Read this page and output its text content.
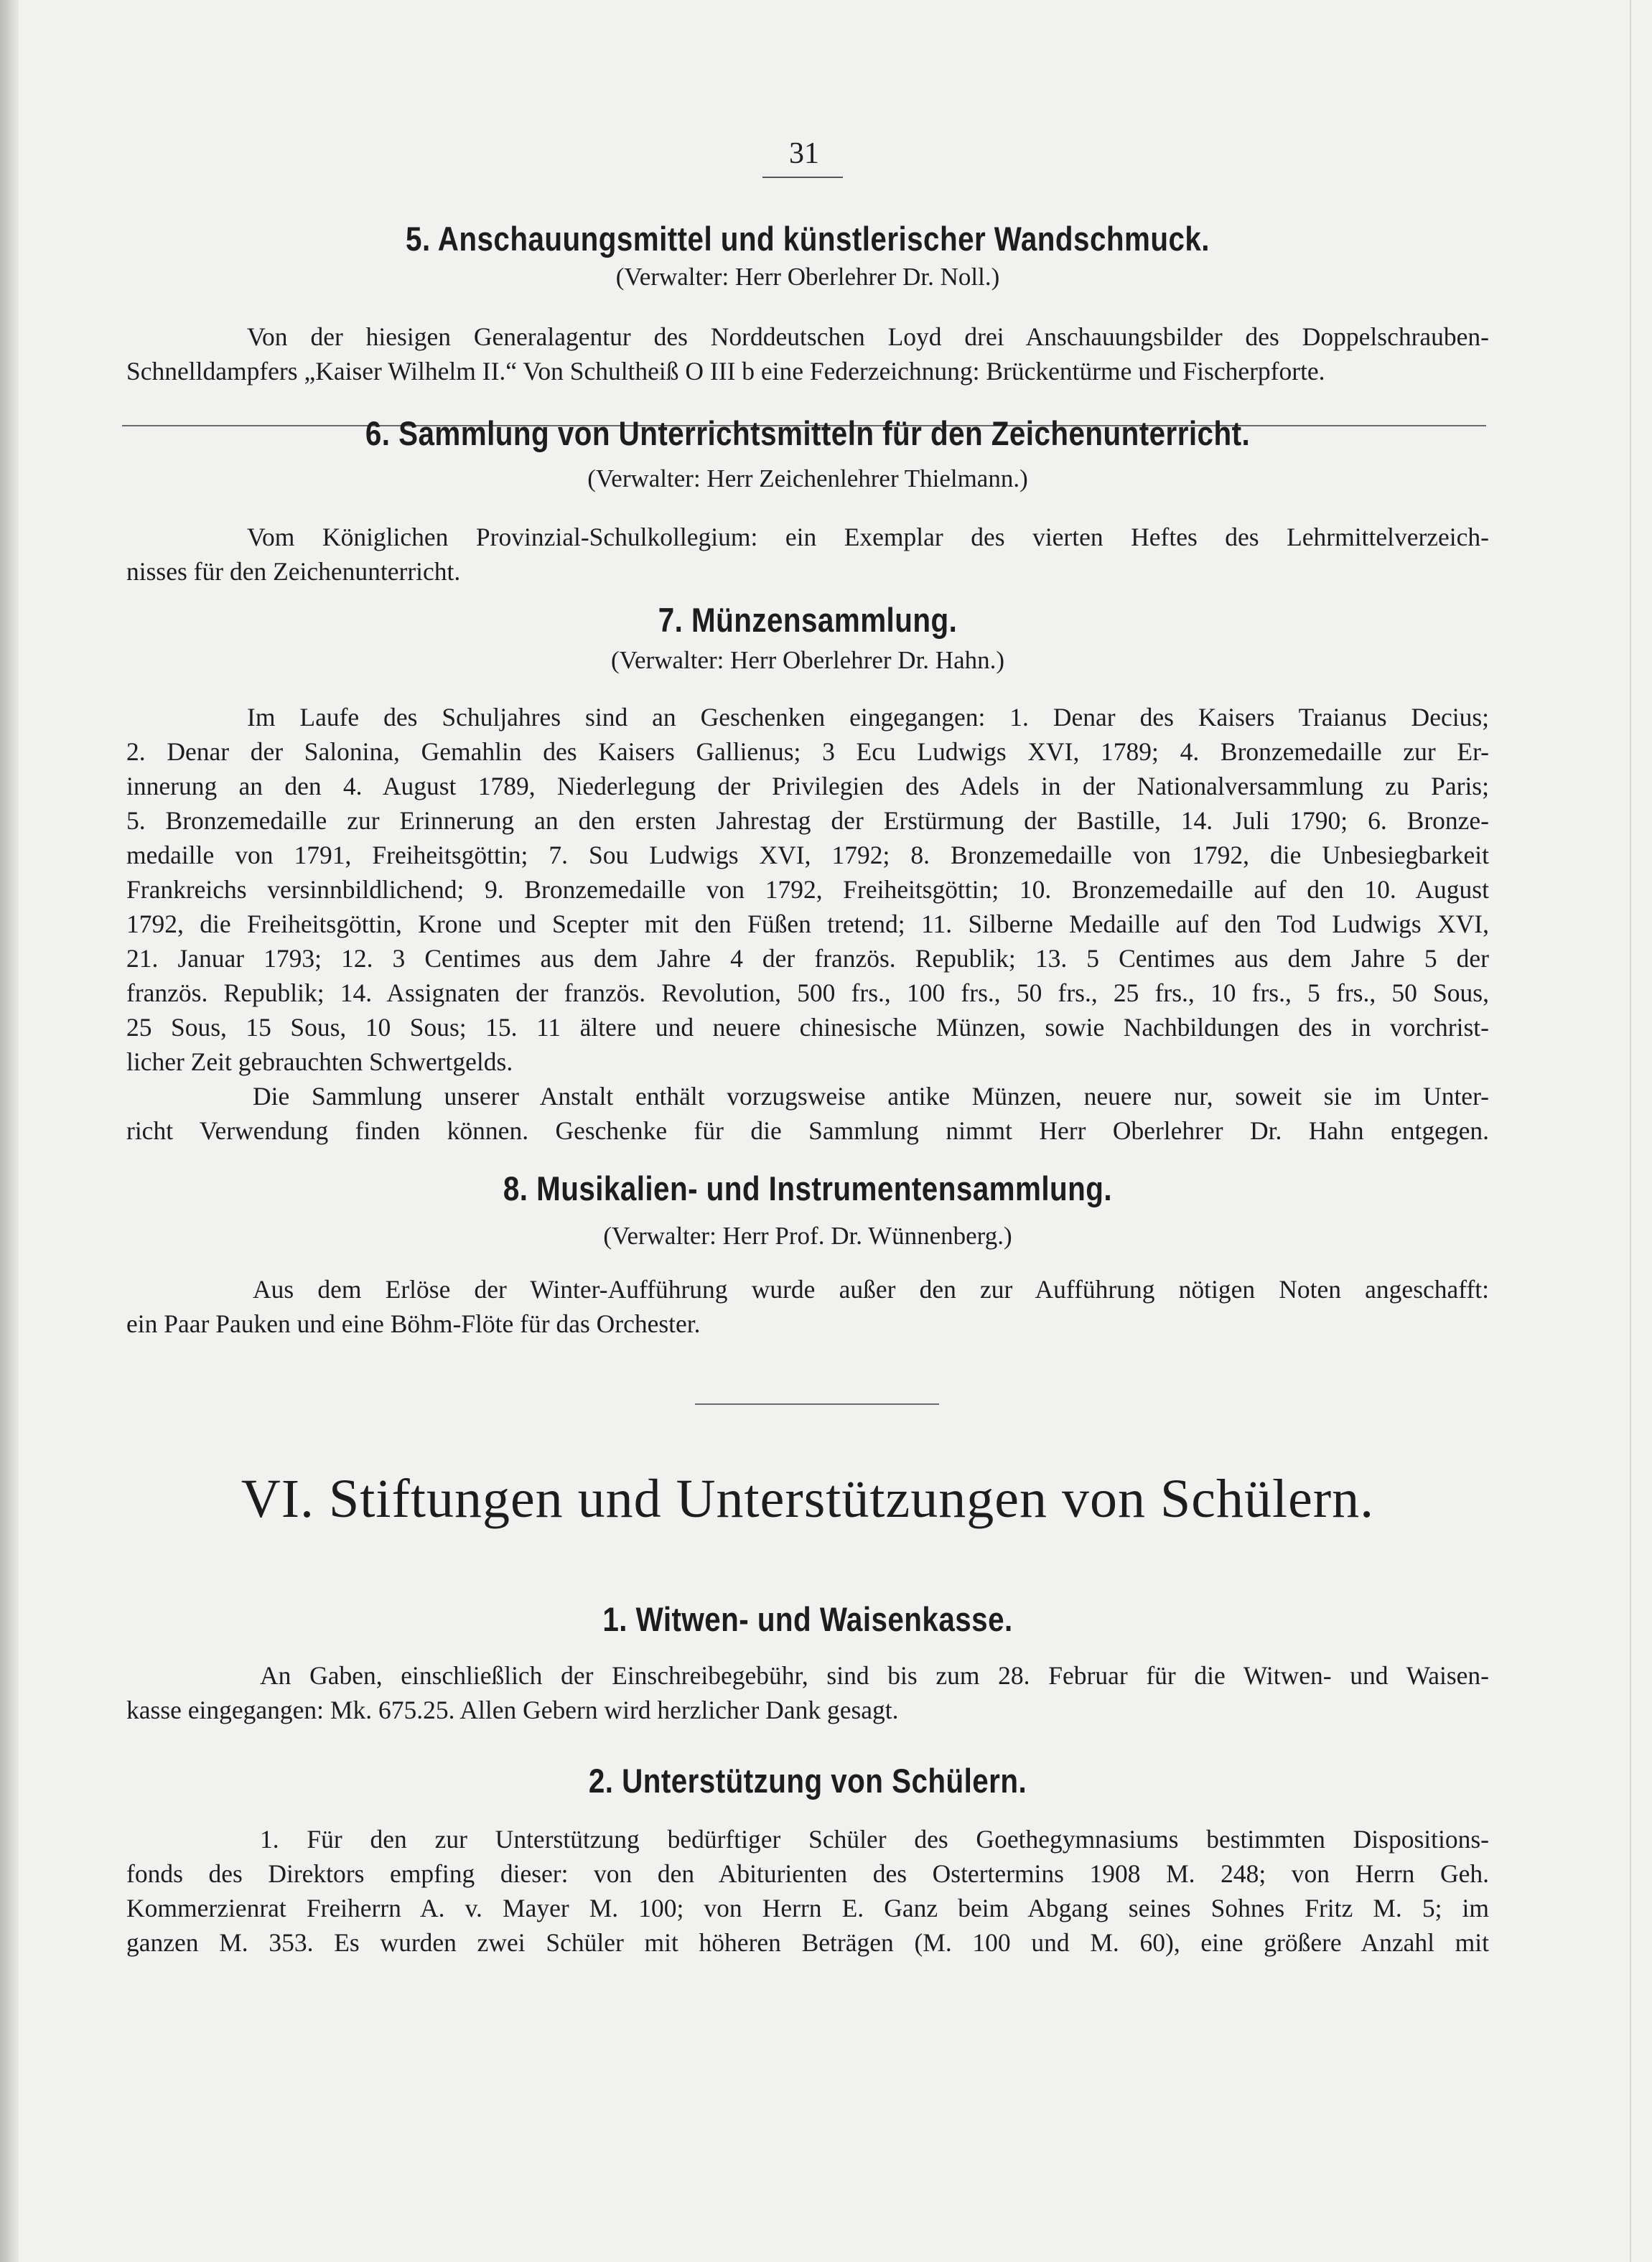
31
5. Anschauungsmittel und künstlerischer Wandschmuck.
(Verwalter: Herr Oberlehrer Dr. Noll.)
Von der hiesigen Generalagentur des Norddeutschen Loyd drei Anschauungsbilder des Doppelschrauben-
Schnelldampfers „Kaiser Wilhelm II.“ Von Schultheiß O III b eine Federzeichnung: Brückentürme und Fischerpforte.
6. Sammlung von Unterrichtsmitteln für den Zeichenunterricht.
(Verwalter: Herr Zeichenlehrer Thielmann.)
Vom Königlichen Provinzial-Schulkollegium: ein Exemplar des vierten Heftes des Lehrmittelverzeich-
nisses für den Zeichenunterricht.
7. Münzensammlung.
(Verwalter: Herr Oberlehrer Dr. Hahn.)
Im Laufe des Schuljahres sind an Geschenken eingegangen: 1. Denar des Kaisers Traianus Decius;
2. Denar der Salonina, Gemahlin des Kaisers Gallienus; 3 Ecu Ludwigs XVI, 1789; 4. Bronzemedaille zur Er-
innerung an den 4. August 1789, Niederlegung der Privilegien des Adels in der Nationalversammlung zu Paris;
5. Bronzemedaille zur Erinnerung an den ersten Jahrestag der Erstürmung der Bastille, 14. Juli 1790; 6. Bronze-
medaille von 1791, Freiheitsgöttin; 7. Sou Ludwigs XVI, 1792; 8. Bronzemedaille von 1792, die Unbesiegbarkeit
Frankreichs versinnbildlichend; 9. Bronzemedaille von 1792, Freiheitsgöttin; 10. Bronzemedaille auf den 10. August
1792, die Freiheitsgöttin, Krone und Scepter mit den Füßen tretend; 11. Silberne Medaille auf den Tod Ludwigs XVI,
21. Januar 1793; 12. 3 Centimes aus dem Jahre 4 der französ. Republik; 13. 5 Centimes aus dem Jahre 5 der
französ. Republik; 14. Assignaten der französ. Revolution, 500 frs., 100 frs., 50 frs., 25 frs., 10 frs., 5 frs., 50 Sous,
25 Sous, 15 Sous, 10 Sous; 15. 11 ältere und neuere chinesische Münzen, sowie Nachbildungen des in vorchrist-
licher Zeit gebrauchten Schwertgelds.
Die Sammlung unserer Anstalt enthält vorzugsweise antike Münzen, neuere nur, soweit sie im Unter-
richt Verwendung finden können. Geschenke für die Sammlung nimmt Herr Oberlehrer Dr. Hahn entgegen.
8. Musikalien- und Instrumentensammlung.
(Verwalter: Herr Prof. Dr. Wünnenberg.)
Aus dem Erlöse der Winter-Aufführung wurde außer den zur Aufführung nötigen Noten angeschafft:
ein Paar Pauken und eine Böhm-Flöte für das Orchester.
VI. Stiftungen und Unterstützungen von Schülern.
1. Witwen- und Waisenkasse.
An Gaben, einschließlich der Einschreibegebühr, sind bis zum 28. Februar für die Witwen- und Waisen-
kasse eingegangen: Mk. 675.25. Allen Gebern wird herzlicher Dank gesagt.
2. Unterstützung von Schülern.
1. Für den zur Unterstützung bedürftiger Schüler des Goethegymnasiums bestimmten Dispositions-
fonds des Direktors empfing dieser: von den Abiturienten des Ostertermins 1908 M. 248; von Herrn Geh.
Kommerzienrat Freiherrn A. v. Mayer M. 100; von Herrn E. Ganz beim Abgang seines Sohnes Fritz M. 5; im
ganzen M. 353. Es wurden zwei Schüler mit höheren Beträgen (M. 100 und M. 60), eine größere Anzahl mit
